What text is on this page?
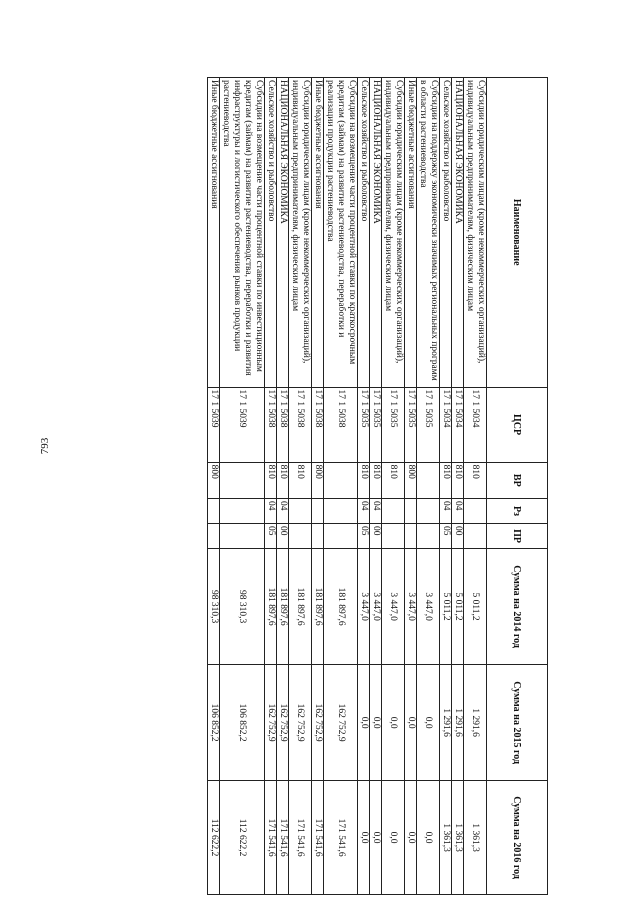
793
Наименование	ЦСР	ВР	Рз	ПР	Сумма на 2014 год	Сумма на 2015 год	Сумма на 2016 год
Субсидии юридическим лицам (кроме некоммерческих организаций), индивидуальным предпринимателям, физическим лицам	17 1 5034	810			5 011,2	1 291,6	1 361,3
НАЦИОНАЛЬНАЯ ЭКОНОМИКА	17 1 5034	810	04	00	5 011,2	1 291,6	1 361,3
Сельское хозяйство и рыболовство	17 1 5034	810	04	05	5 011,2	1 291,6	1 361,3
Субсидии на поддержку экономически значимых региональных программ в области растениеводства	17 1 5035				3 447,0	0,0	0,0
Иные бюджетные ассигнования	17 1 5035	800			3 447,0	0,0	0,0
Субсидии юридическим лицам (кроме некоммерческих организаций), индивидуальным предпринимателям, физическим лицам	17 1 5035	810			3 447,0	0,0	0,0
НАЦИОНАЛЬНАЯ ЭКОНОМИКА	17 1 5035	810	04	00	3 447,0	0,0	0,0
Сельское хозяйство и рыболовство	17 1 5035	810	04	05	3 447,0	0,0	0,0
Субсидии на возмещение части процентной ставки по краткосрочным кредитам (займам) на развитие растениеводства, переработки и реализации продукции растениеводства	17 1 5038				181 897,6	162 752,9	171 541,6
Иные бюджетные ассигнования	17 1 5038	800			181 897,6	162 752,9	171 541,6
Субсидии юридическим лицам (кроме некоммерческих организаций), индивидуальным предпринимателям, физическим лицам	17 1 5038	810			181 897,6	162 752,9	171 541,6
НАЦИОНАЛЬНАЯ ЭКОНОМИКА	17 1 5038	810	04	00	181 897,6	162 752,9	171 541,6
Сельское хозяйство и рыболовство	17 1 5038	810	04	05	181 897,6	162 752,9	171 541,6
Субсидии на возмещение части процентной ставки по инвестиционным кредитам (займам) на развитие растениеводства, переработки и развития инфраструктуры и логистического обеспечения рынков продукции растениеводства	17 1 5039				98 310,3	106 852,2	112 622,2
Иные бюджетные ассигнования	17 1 5039	800			98 310,3	106 852,2	112 622,2
